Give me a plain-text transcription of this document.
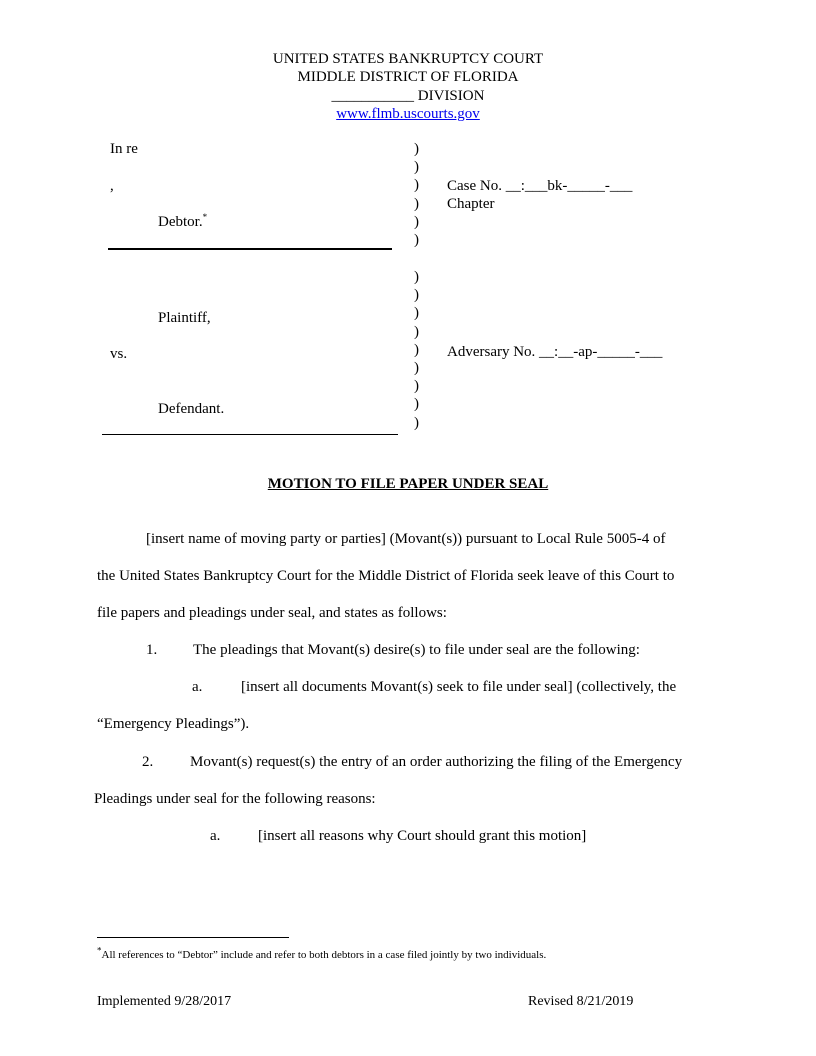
UNITED STATES BANKRUPTCY COURT
MIDDLE DISTRICT OF FLORIDA
___________ DIVISION
www.flmb.uscourts.gov
In re
,
Debtor.*
)
)
)
)
)
)
Case No. __:___bk-_____-___
Chapter
)
)
)
)
)
)
)
)
)
Plaintiff,
vs.	Adversary No. __:__-ap-_____-___
Defendant.
MOTION TO FILE PAPER UNDER SEAL
[insert name of moving party or parties] (Movant(s)) pursuant to Local Rule 5005-4 of
the United States Bankruptcy Court for the Middle District of Florida seek leave of this Court to
file papers and pleadings under seal, and states as follows:
1. The pleadings that Movant(s) desire(s) to file under seal are the following:
a.	[insert all documents Movant(s) seek to file under seal] (collectively, the
“Emergency Pleadings”).
2. Movant(s) request(s) the entry of an order authorizing the filing of the Emergency
Pleadings under seal for the following reasons:
a.	[insert all reasons why Court should grant this motion]
*All references to “Debtor” include and refer to both debtors in a case filed jointly by two individuals.
Implemented 9/28/2017	Revised 8/21/2019
